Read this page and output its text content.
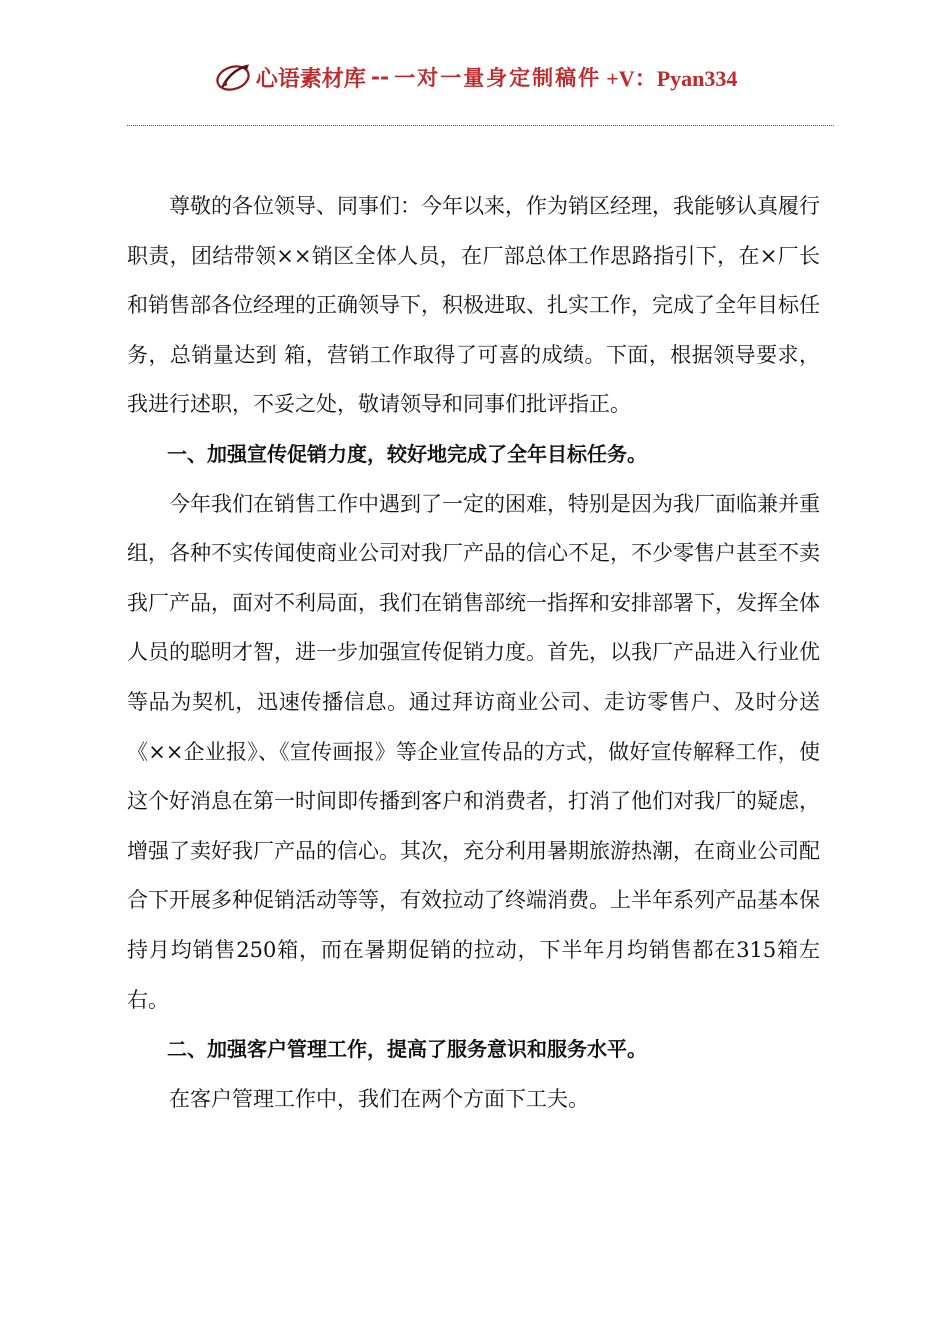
心语素材库 -- 一对一量身定制稿件 +V：Pyan334

尊敬的各位领导、同事们：今年以来，作为销区经理，我能够认真履行职责，团结带领××销区全体人员，在厂部总体工作思路指引下，在×厂长和销售部各位经理的正确领导下，积极进取、扎实工作，完成了全年目标任务，总销量达到 箱，营销工作取得了可喜的成绩。下面，根据领导要求，我进行述职，不妥之处，敬请领导和同事们批评指正。

一、加强宣传促销力度，较好地完成了全年目标任务。

今年我们在销售工作中遇到了一定的困难，特别是因为我厂面临兼并重组，各种不实传闻使商业公司对我厂产品的信心不足，不少零售户甚至不卖我厂产品，面对不利局面，我们在销售部统一指挥和安排部署下，发挥全体人员的聪明才智，进一步加强宣传促销力度。首先，以我厂产品进入行业优等品为契机，迅速传播信息。通过拜访商业公司、走访零售户、及时分送《××企业报》、《宣传画报》等企业宣传品的方式，做好宣传解释工作，使这个好消息在第一时间即传播到客户和消费者，打消了他们对我厂的疑虑，增强了卖好我厂产品的信心。其次，充分利用暑期旅游热潮，在商业公司配合下开展多种促销活动等等，有效拉动了终端消费。上半年系列产品基本保持月均销售250箱，而在暑期促销的拉动，下半年月均销售都在315箱左右。

二、加强客户管理工作，提高了服务意识和服务水平。

在客户管理工作中，我们在两个方面下工夫。
